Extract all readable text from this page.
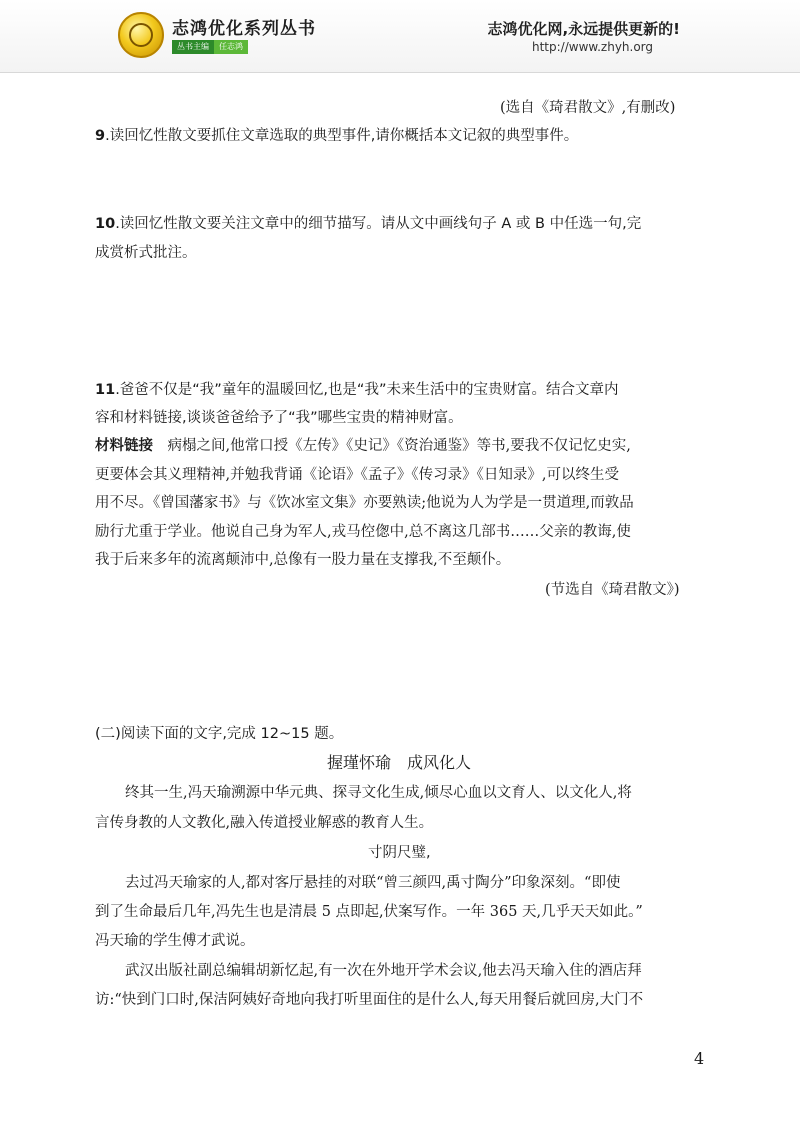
志鸿优化系列丛书
丛书主编 任志鸿
志鸿优化网,永远提供更新的!
http://www.zhyh.org
(选自《琦君散文》,有删改)
9.读回忆性散文要抓住文章选取的典型事件,请你概括本文记叙的典型事件。
10.读回忆性散文要关注文章中的细节描写。请从文中画线句子 A 或 B 中任选一句,完
成赏析式批注。
11.爸爸不仅是“我”童年的温暖回忆,也是“我”未来生活中的宝贵财富。结合文章内
容和材料链接,谈谈爸爸给予了“我”哪些宝贵的精神财富。
材料链接　 病榻之间,他常口授《左传》《史记》《资治通鉴》等书,要我不仅记忆史实,
更要体会其义理精神,并勉我背诵《论语》《孟子》《传习录》《日知录》,可以终生受
用不尽。《曾国藩家书》与《饮冰室文集》亦要熟读;他说为人为学是一贯道理,而敦品
励行尤重于学业。他说自己身为军人,戎马倥偬中,总不离这几部书……父亲的教诲,使
我于后来多年的流离颠沛中,总像有一股力量在支撑我,不至颠仆。
(节选自《琦君散文》)
(二)阅读下面的文字,完成 12~15 题。
握瑾怀瑜　成风化人
终其一生,冯天瑜溯源中华元典、探寻文化生成,倾尽心血以文育人、以文化人,将
言传身教的人文教化,融入传道授业解惑的教育人生。
寸阴尺璧,
去过冯天瑜家的人,都对客厅悬挂的对联“曾三颜四,禹寸陶分”印象深刻。“即使
到了生命最后几年,冯先生也是清晨 5 点即起,伏案写作。一年 365 天,几乎天天如此。”
冯天瑜的学生傅才武说。
武汉出版社副总编辑胡新忆起,有一次在外地开学术会议,他去冯天瑜入住的酒店拜
访:“快到门口时,保洁阿姨好奇地向我打听里面住的是什么人,每天用餐后就回房,大门不
4
